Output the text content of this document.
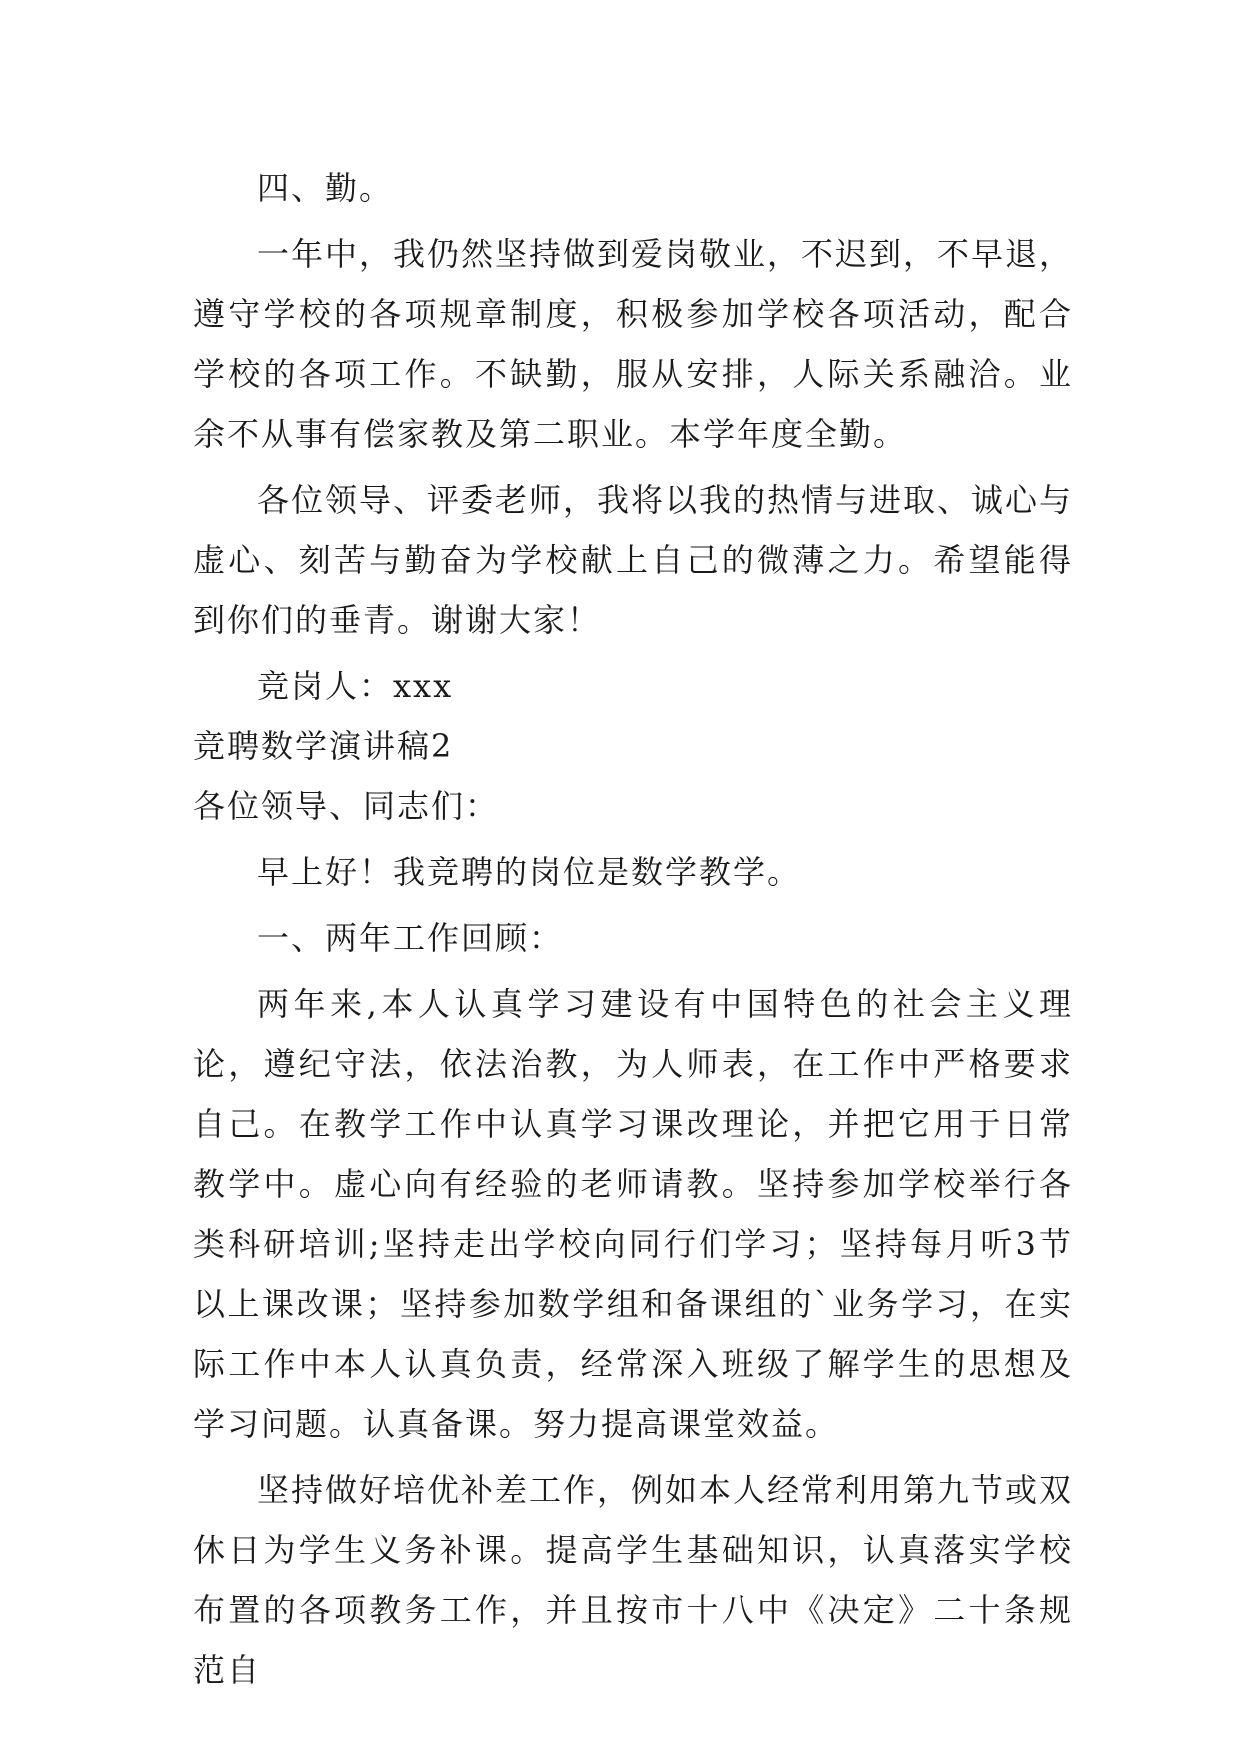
四、勤。

一年中，我仍然坚持做到爱岗敬业，不迟到，不早退，遵守学校的各项规章制度，积极参加学校各项活动，配合学校的各项工作。不缺勤，服从安排，人际关系融洽。业余不从事有偿家教及第二职业。本学年度全勤。

各位领导、评委老师，我将以我的热情与进取、诚心与虚心、刻苦与勤奋为学校献上自己的微薄之力。希望能得到你们的垂青。谢谢大家！

竞岗人：xxx

竞聘数学演讲稿2

各位领导、同志们：

早上好！我竞聘的岗位是数学教学。

一、两年工作回顾：

两年来,本人认真学习建设有中国特色的社会主义理论，遵纪守法，依法治教，为人师表，在工作中严格要求自己。在教学工作中认真学习课改理论，并把它用于日常教学中。虚心向有经验的老师请教。坚持参加学校举行各类科研培训;坚持走出学校向同行们学习；坚持每月听3节以上课改课；坚持参加数学组和备课组的`业务学习，在实际工作中本人认真负责，经常深入班级了解学生的思想及学习问题。认真备课。努力提高课堂效益。

坚持做好培优补差工作，例如本人经常利用第九节或双休日为学生义务补课。提高学生基础知识，认真落实学校布置的各项教务工作，并且按市十八中《决定》二十条规范自
